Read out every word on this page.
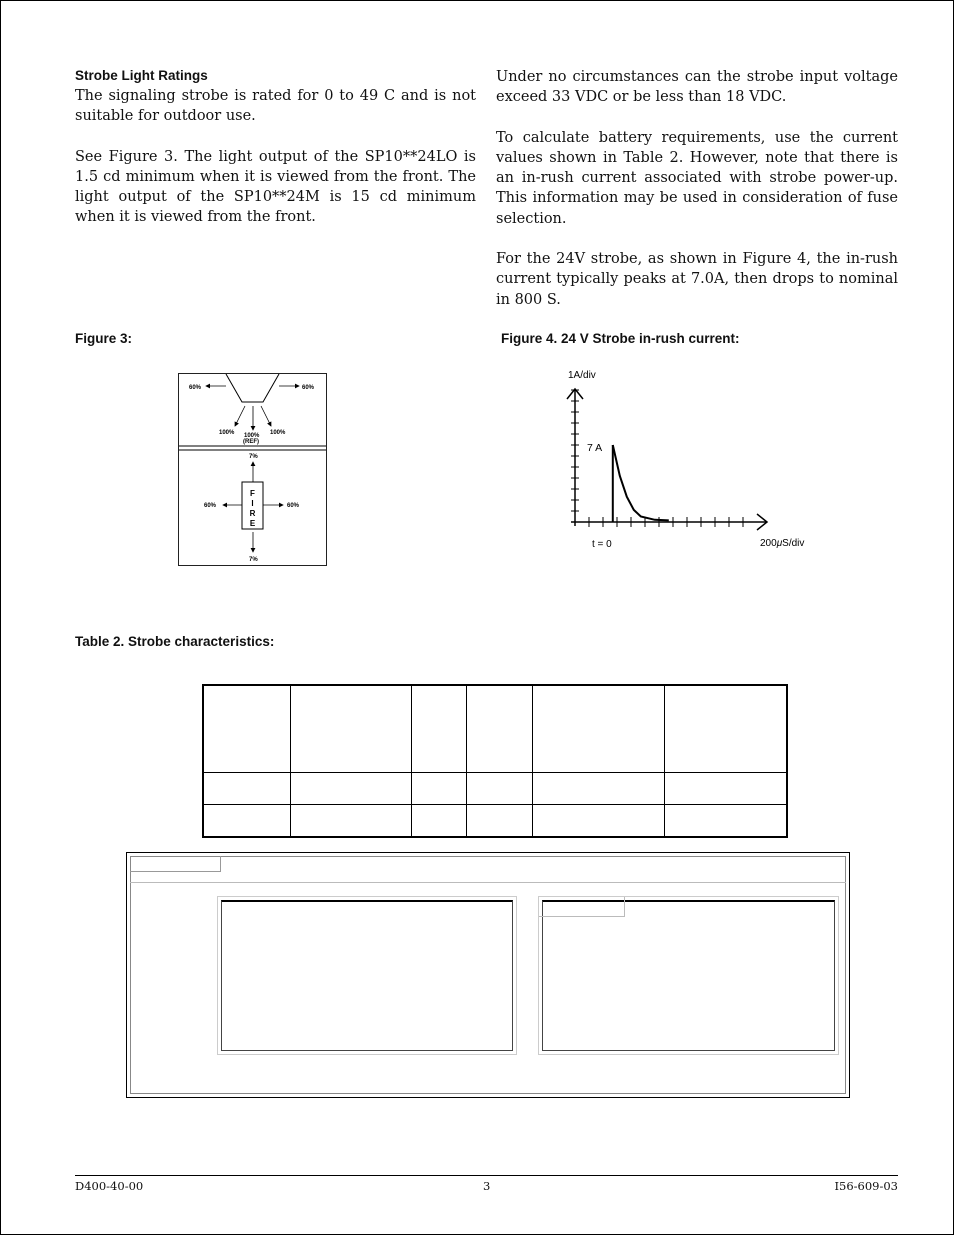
Strobe Light Ratings

The signaling strobe is rated for 0 to 49 C and is not suitable for outdoor use.

See Figure 3. The light output of the SP10**24LO is 1.5 cd minimum when it is viewed from the front. The light output of the SP10**24M is 15 cd minimum when it is viewed from the front.

Under no circumstances can the strobe input voltage exceed 33 VDC or be less than 18 VDC.

To calculate battery requirements, use the current values shown in Table 2. However, note that there is an in-rush current associated with strobe power-up. This information may be used in consideration of fuse selection.

For the 24V strobe, as shown in Figure 4, the in-rush current typically peaks at 7.0A, then drops to nominal in 800 S.

Figure 3:
60%	60%
100% 100%
(REF)
100%
7%
F
I
R
E
60%	60%
7%
Figure 4. 24 V Strobe in-rush current:
1A/div
7 A
t = 0	200μS/div
Table 2. Strobe characteristics:

D400-40-00	3	I56-609-03
